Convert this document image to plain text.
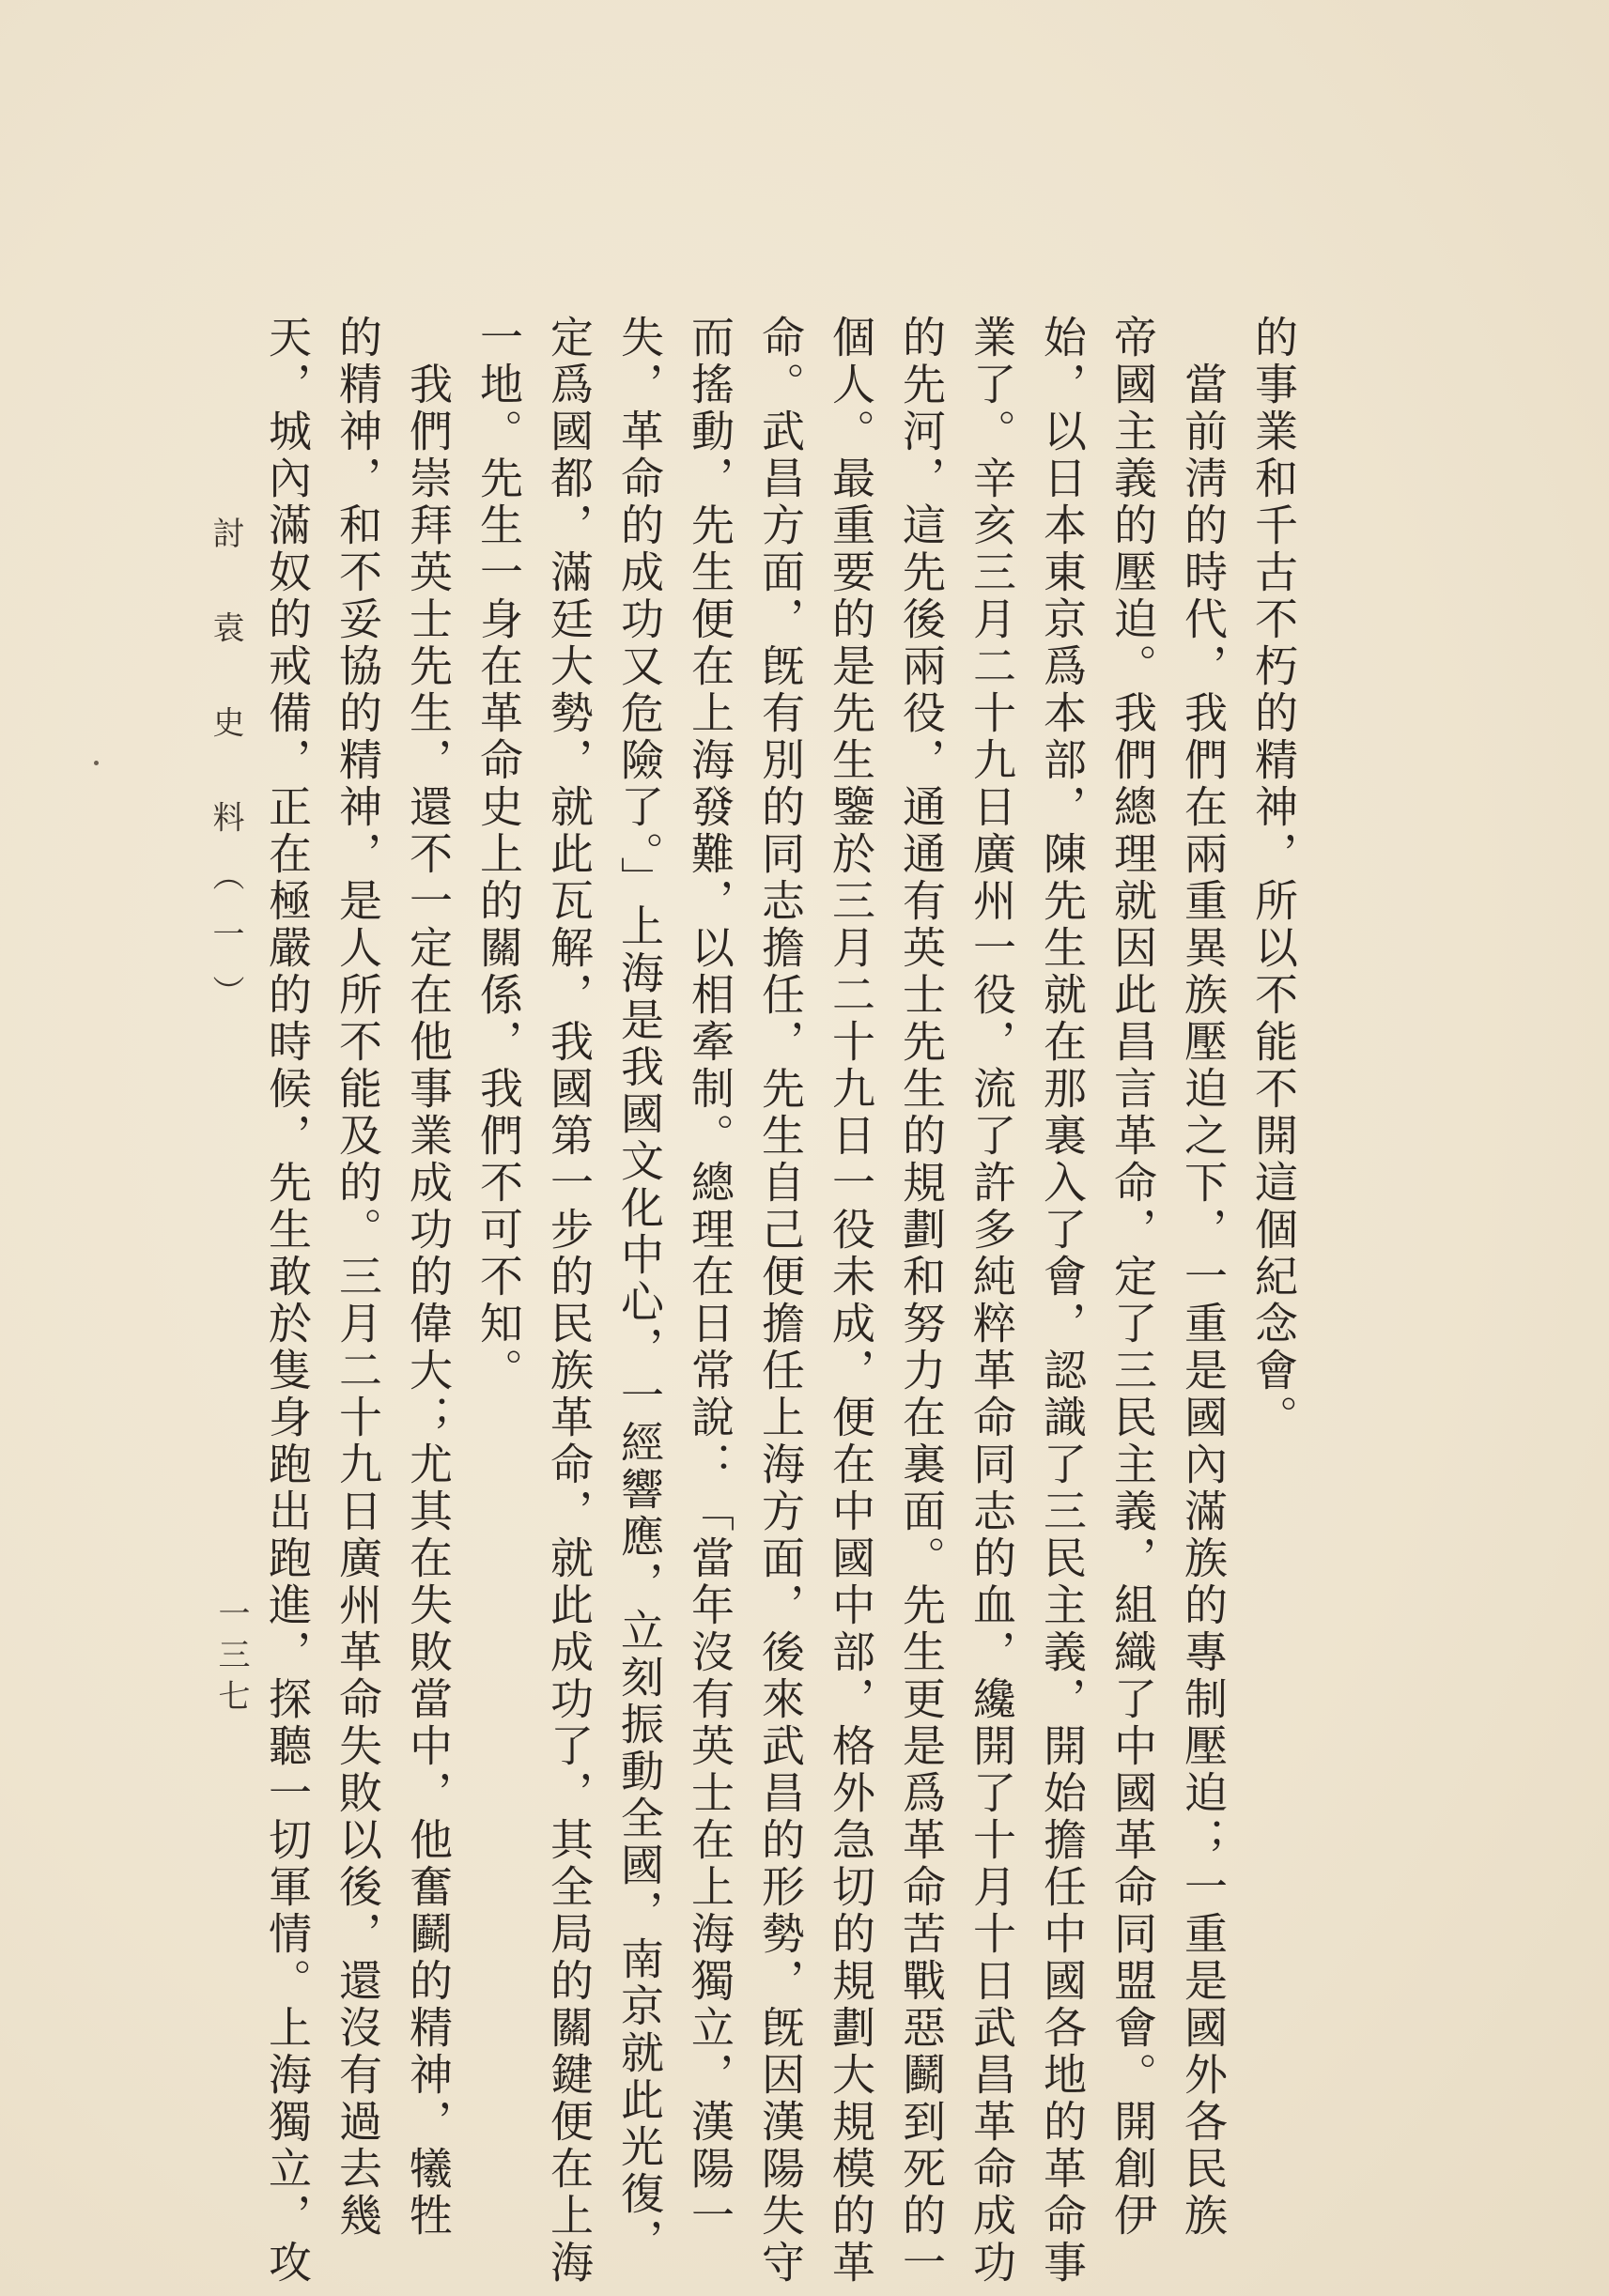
的事業和千古不朽的精神，所以不能不開這個紀念會。
　當前淸的時代，我們在兩重異族壓迫之下，一重是國內滿族的專制壓迫；一重是國外各民族
帝國主義的壓迫。我們總理就因此昌言革命，定了三民主義，組織了中國革命同盟會。開創伊
始，以日本東京爲本部，陳先生就在那裏入了會，認識了三民主義，開始擔任中國各地的革命事
業了。辛亥三月二十九日廣州一役，流了許多純粹革命同志的血，纔開了十月十日武昌革命成功
的先河，這先後兩役，通通有英士先生的規劃和努力在裏面。先生更是爲革命苦戰惡鬬到死的一
個人。最重要的是先生鑒於三月二十九日一役未成，便在中國中部，格外急切的規劃大規模的革
命。武昌方面，旣有別的同志擔任，先生自己便擔任上海方面，後來武昌的形勢，旣因漢陽失守
而搖動，先生便在上海發難，以相牽制。總理在日常說：「當年沒有英士在上海獨立，漢陽一
失，革命的成功又危險了。」上海是我國文化中心，一經響應，立刻振動全國，南京就此光復，
定爲國都，滿廷大勢，就此瓦解，我國第一步的民族革命，就此成功了，其全局的關鍵便在上海
一地。先生一身在革命史上的關係，我們不可不知。
　我們崇拜英士先生，還不一定在他事業成功的偉大；尤其在失敗當中，他奮鬬的精神，犧牲
的精神，和不妥協的精神，是人所不能及的。三月二十九日廣州革命失敗以後，還沒有過去幾
天，城內滿奴的戒備，正在極嚴的時候，先生敢於隻身跑出跑進，探聽一切軍情。上海獨立，攻
討 袁 史 料（一）
一三七
